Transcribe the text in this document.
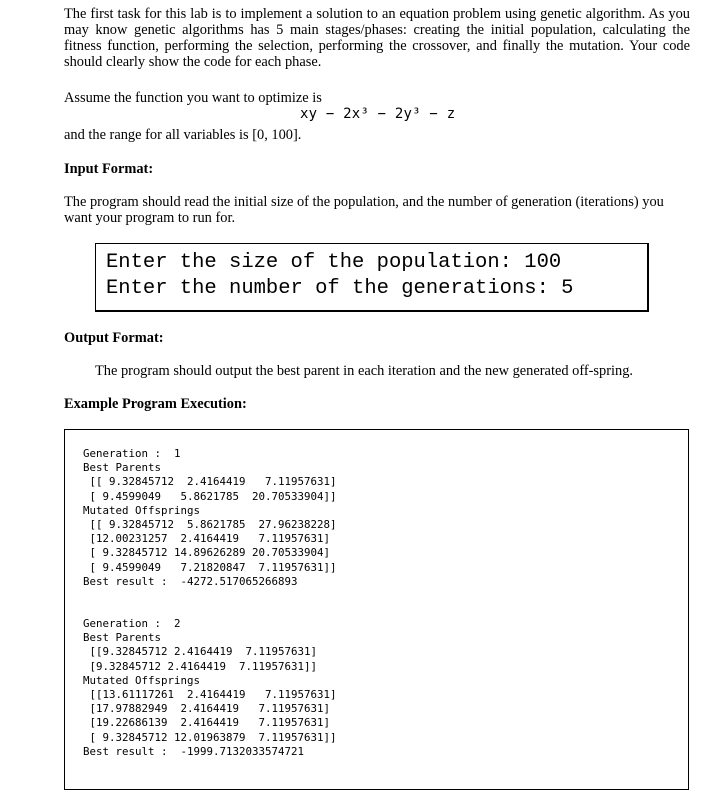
The first task for this lab is to implement a solution to an equation problem using genetic algorithm. As you may know genetic algorithms has 5 main stages/phases: creating the initial population, calculating the fitness function, performing the selection, performing the crossover, and finally the mutation. Your code should clearly show the code for each phase.

Assume the function you want to optimize is

xy − 2x³ − 2y³ − z

and the range for all variables is [0, 100].

Input Format:

The program should read the initial size of the population, and the number of generation (iterations) you want your program to run for.

Enter the size of the population: 100
Enter the number of the generations: 5

Output Format:

The program should output the best parent in each iteration and the new generated off-spring.

Example Program Execution:

Generation :  1
Best Parents
[[ 9.32845712  2.4164419   7.11957631]
[ 9.4599049   5.8621785  20.70533904]]
Mutated Offsprings
[[ 9.32845712  5.8621785  27.96238228]
[12.00231257  2.4164419   7.11957631]
[ 9.32845712 14.89626289 20.70533904]
[ 9.4599049   7.21820847  7.11957631]]
Best result :  -4272.517065266893
Generation :  2
Best Parents
[[9.32845712 2.4164419  7.11957631]
[9.32845712 2.4164419  7.11957631]]
Mutated Offsprings
[[13.61117261  2.4164419   7.11957631]
[17.97882949  2.4164419   7.11957631]
[19.22686139  2.4164419   7.11957631]
[ 9.32845712 12.01963879  7.11957631]]
Best result :  -1999.7132033574721
